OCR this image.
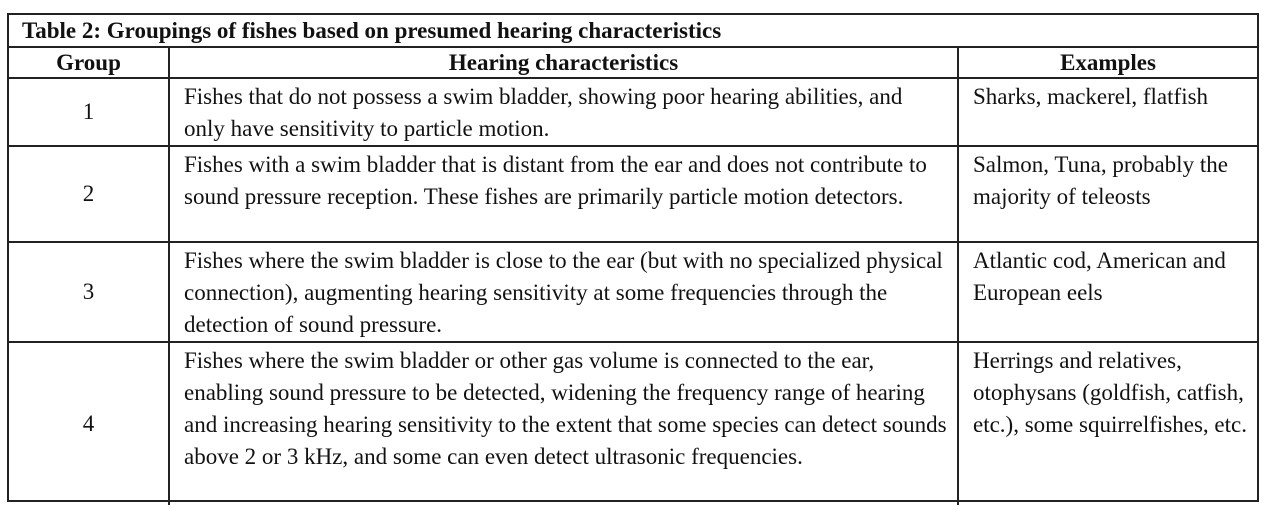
Table 2: Groupings of fishes based on presumed hearing characteristics
Group	Hearing characteristics	Examples
1	Fishes that do not possess a swim bladder, showing poor hearing abilities, and only have sensitivity to particle motion.	Sharks, mackerel, flatfish
2	Fishes with a swim bladder that is distant from the ear and does not contribute to sound pressure reception. These fishes are primarily particle motion detectors.	Salmon, Tuna, probably the majority of teleosts
3	Fishes where the swim bladder is close to the ear (but with no specialized physical connection), augmenting hearing sensitivity at some frequencies through the detection of sound pressure.	Atlantic cod, American and European eels
4	Fishes where the swim bladder or other gas volume is connected to the ear, enabling sound pressure to be detected, widening the frequency range of hearing and increasing hearing sensitivity to the extent that some species can detect sounds above 2 or 3 kHz, and some can even detect ultrasonic frequencies.	Herrings and relatives, otophysans (goldfish, catfish, etc.), some squirrelfishes, etc.
